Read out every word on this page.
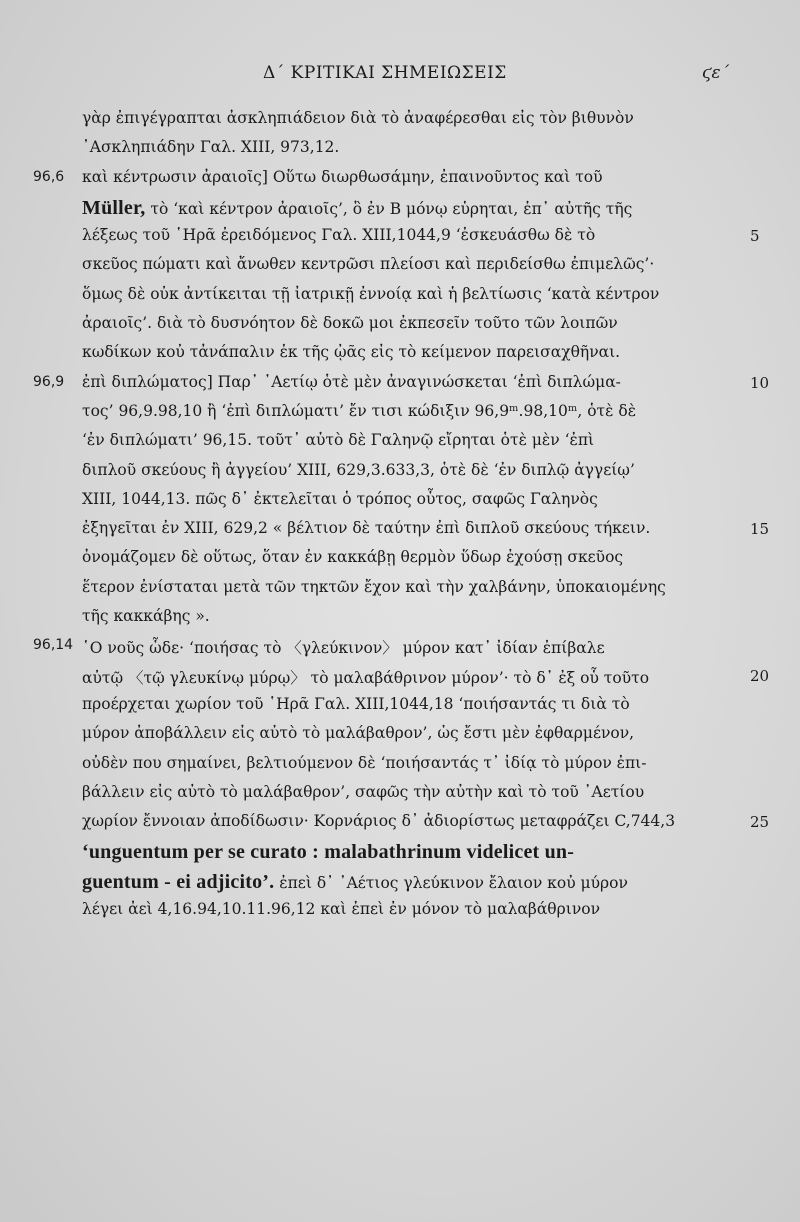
Δ΄ ΚΡΙΤΙΚΑΙ ΣΗΜΕΙΩΣΕΙΣ	ϛε΄
γὰρ ἐπιγέγραπται ἀσκληπιάδειον διὰ τὸ ἀναφέρεσθαι εἰς τὸν βιθυνὸν
᾿Ασκληπιάδην Γαλ. XIII, 973,12.
96,6 καὶ κέντρωσιν ἀραιοῖς] Οὕτω διωρθωσάμην, ἐπαινοῦντος καὶ τοῦ
Müller, τὸ ‘καὶ κέντρον ἀραιοῖς’, ὃ ἐν Β μόνῳ εὑρηται, ἐπ᾿ αὐτῆς τῆς
λέξεως τοῦ ῾Ηρᾶ ἐρειδόμενος Γαλ. XIII,1044,9 ‘ἐσκευάσθω δὲ τὸ	5
σκεῦος πώματι καὶ ἄνωθεν κεντρῶσι πλείοσι καὶ περιδείσθω ἐπιμελῶς’·
ὅμως δὲ οὐκ ἀντίκειται τῇ ἰατρικῇ ἐννοίᾳ καὶ ἡ βελτίωσις ‘κατὰ κέντρον
ἀραιοῖς’. διὰ τὸ δυσνόητον δὲ δοκῶ μοι ἐκπεσεῖν τοῦτο τῶν λοιπῶν
κωδίκων κοὐ τἀνάπαλιν ἐκ τῆς ᾠᾶς εἰς τὸ κείμενον παρεισαχθῆναι.
96,9 ἐπὶ διπλώματος] Παρ᾿ ᾿Αετίῳ ὁτὲ μὲν ἀναγινώσκεται ‘ἐπὶ διπλώμα-	10
τος’ 96,9.98,10 ἢ ‘ἐπὶ διπλώματι’ ἔν τισι κώδιξιν 96,9ᵐ.98,10ᵐ, ὁτὲ δὲ
‘ἐν διπλώματι’ 96,15. τοῦτ᾿ αὐτὸ δὲ Γαληνῷ εἴρηται ὁτὲ μὲν ‘ἐπὶ
διπλοῦ σκεύους ἢ ἀγγείου’ XIII, 629,3.633,3, ὁτὲ δὲ ‘ἐν διπλῷ ἀγγείῳ’
XIII, 1044,13. πῶς δ᾿ ἐκτελεῖται ὁ τρόπος οὗτος, σαφῶς Γαληνὸς
ἐξηγεῖται ἐν XIII, 629,2 « βέλτιον δὲ ταύτην ἐπὶ διπλοῦ σκεύους τήκειν.	15
ὀνομάζομεν δὲ οὕτως, ὅταν ἐν κακκάβῃ θερμὸν ὕδωρ ἐχούσῃ σκεῦος
ἕτερον ἐνίσταται μετὰ τῶν τηκτῶν ἔχον καὶ τὴν χαλβάνην, ὑποκαιομένης
τῆς κακκάβης ».
96,14 ῾Ο νοῦς ὧδε· ‘ποιήσας τὸ 〈γλεύκινον〉 μύρον κατ᾿ ἰδίαν ἐπίβαλε
αὐτῷ 〈τῷ γλευκίνῳ μύρῳ〉 τὸ μαλαβάθρινον μύρον’· τὸ δ᾿ ἐξ οὗ τοῦτο	20
προέρχεται χωρίον τοῦ ῾Ηρᾶ Γαλ. XIII,1044,18 ‘ποιήσαντάς τι διὰ τὸ
μύρον ἀποβάλλειν εἰς αὐτὸ τὸ μαλάβαθρον’, ὡς ἔστι μὲν ἐφθαρμένον,
οὐδὲν που σημαίνει, βελτιούμενον δὲ ‘ποιήσαντάς τ᾿ ἰδίᾳ τὸ μύρον ἐπι-
βάλλειν εἰς αὐτὸ τὸ μαλάβαθρον’, σαφῶς τὴν αὐτὴν καὶ τὸ τοῦ ᾿Αετίου
χωρίον ἔννοιαν ἀποδίδωσιν· Κορνάριος δ᾿ ἀδιορίστως μεταφράζει C,744,3	25
‘unguentum per se curato : malabathrinum videlicet un-
guentum - ei adjicito’. ἐπεὶ δ᾿ ᾿Αέτιος γλεύκινον ἔλαιον κοὐ μύρον
λέγει ἀεὶ 4,16.94,10.11.96,12 καὶ ἐπεὶ ἐν μόνον τὸ μαλαβάθρινον
